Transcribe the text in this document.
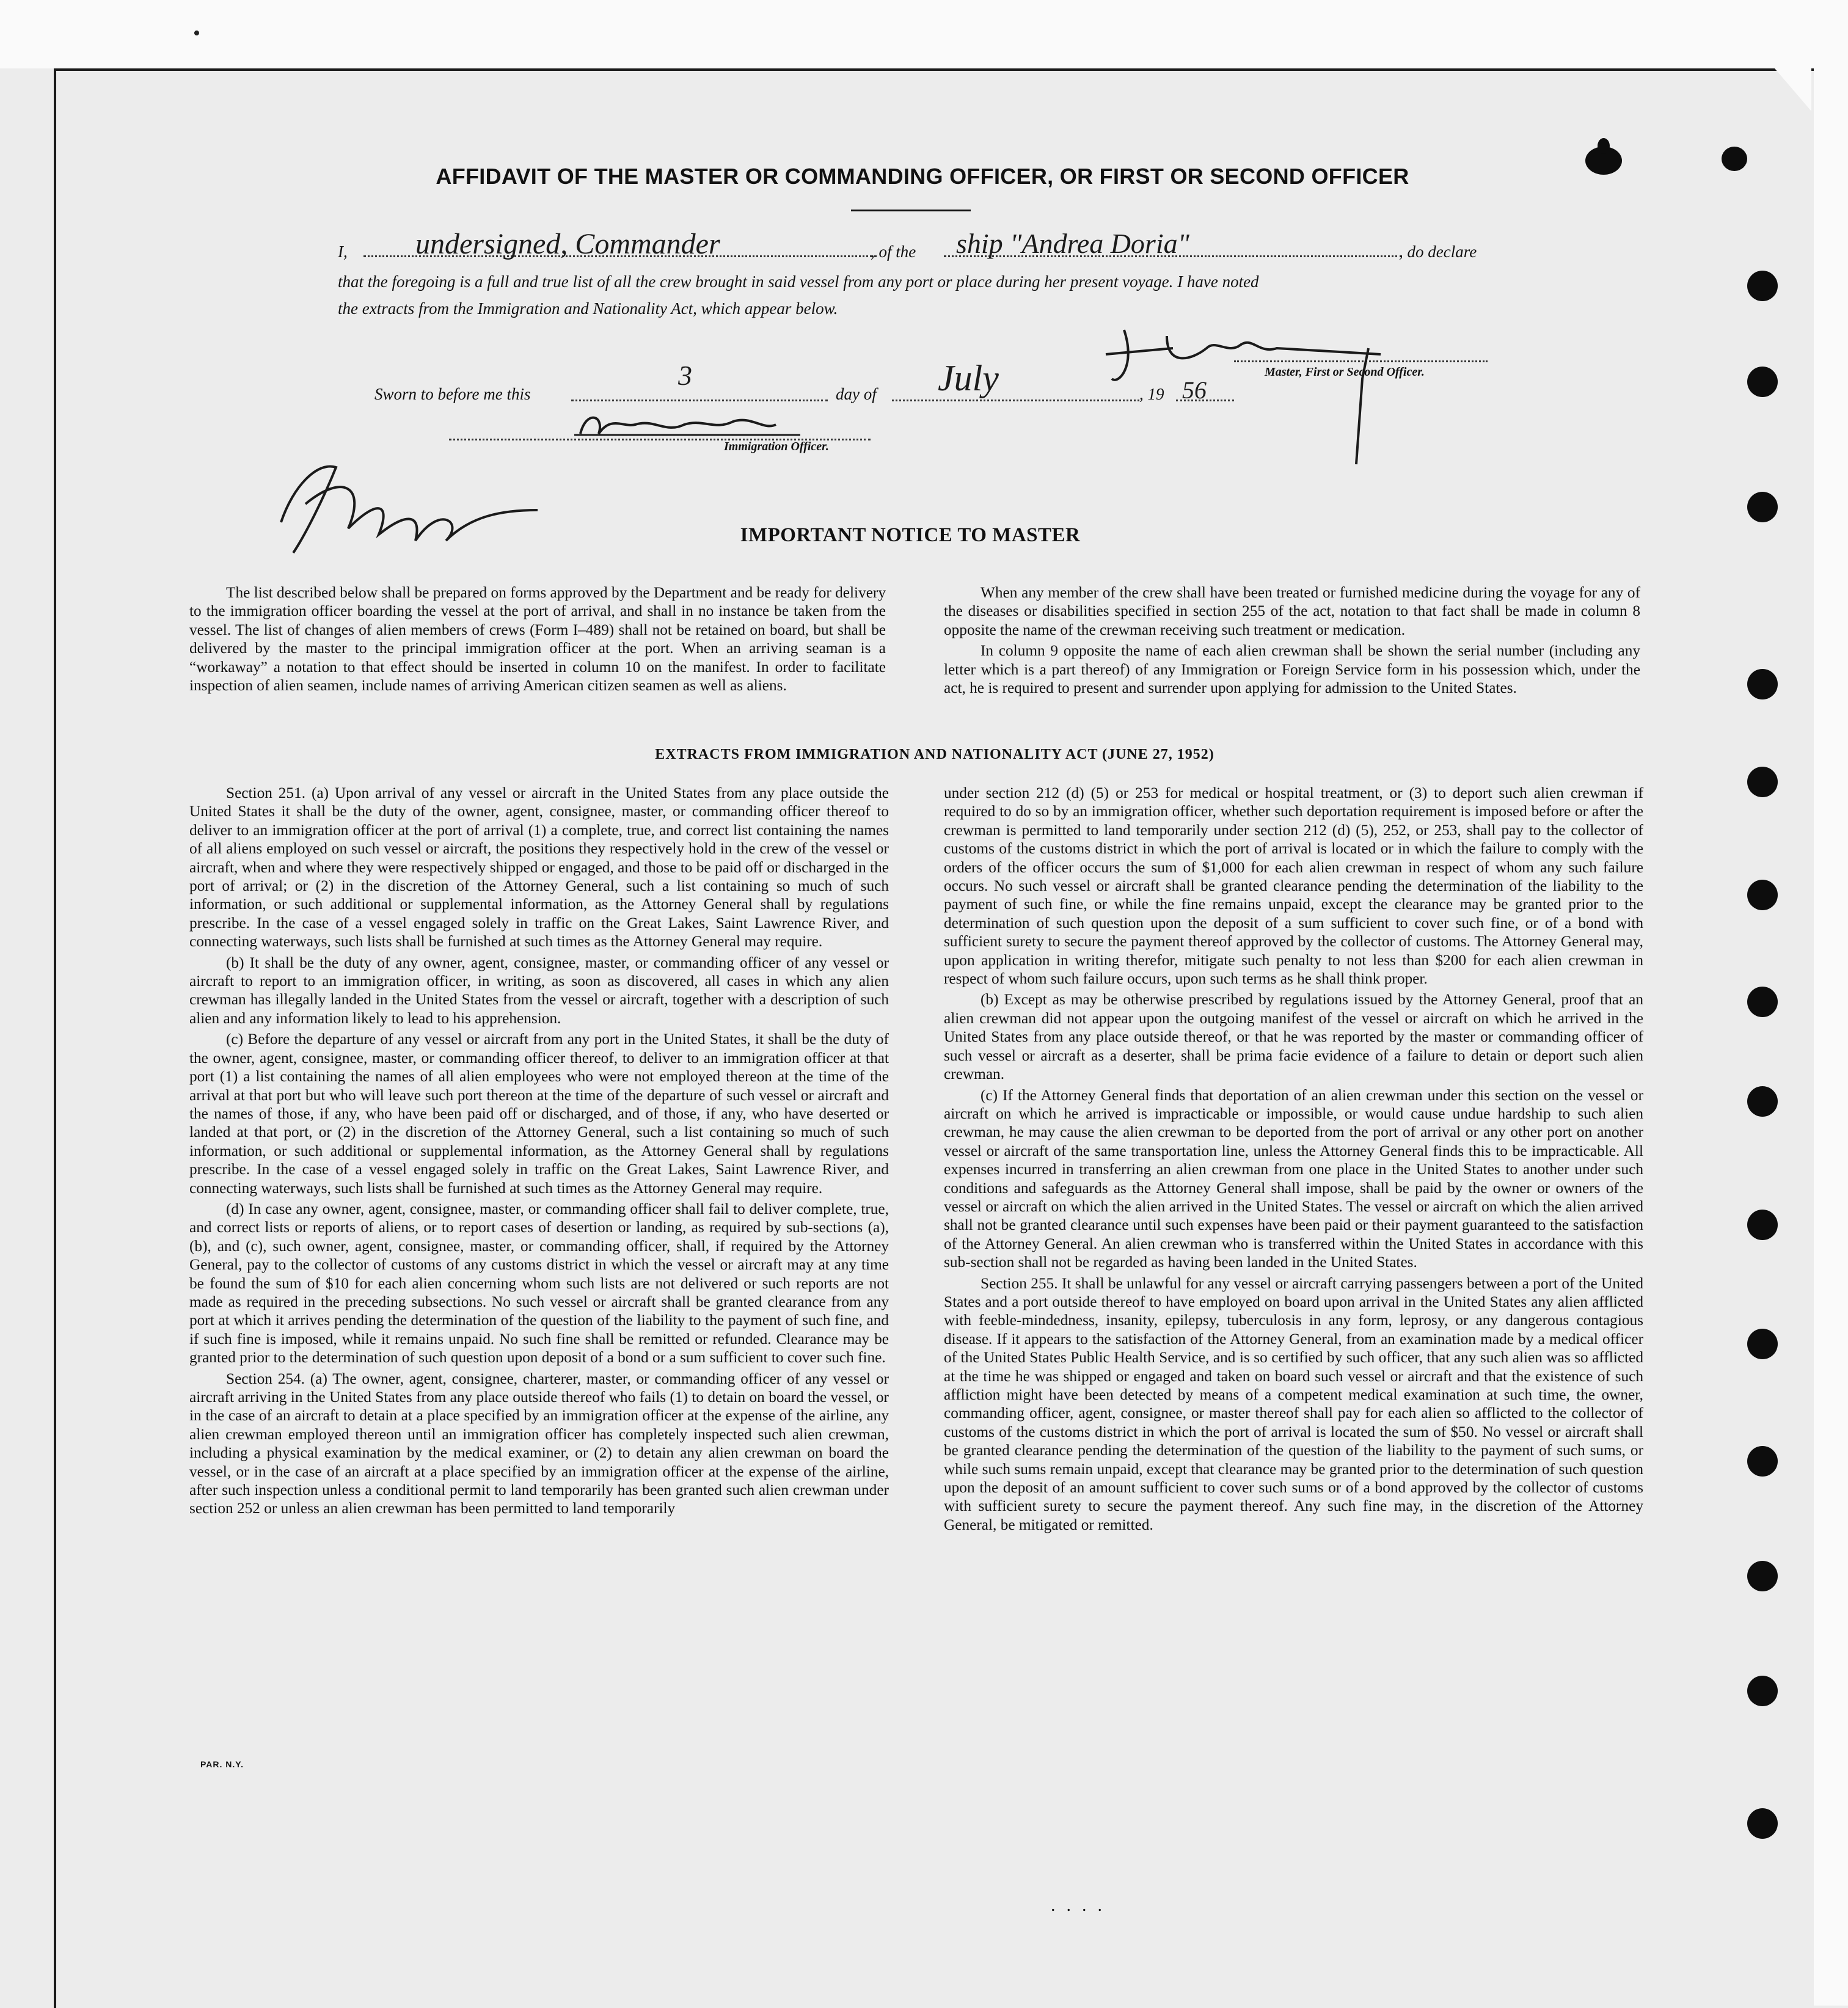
•
AFFIDAVIT OF THE MASTER OR COMMANDING OFFICER, OR FIRST OR SECOND OFFICER
I, undersigned, Commander	, of the ship "Andrea Doria"	, do declare
that the foregoing is a full and true list of all the crew brought in said vessel from any port or place during her present voyage. I have noted
the extracts from the Immigration and Nationality Act, which appear below.
Master, First or Second Officer.
Sworn to before me this
3
day of July	, 19 56
Immigration Officer.
IMPORTANT NOTICE TO MASTER

The list described below shall be prepared on forms approved by the Department and be ready for delivery to the immigration officer boarding the vessel at the port of arrival, and shall in no instance be taken from the vessel. The list of changes of alien members of crews (Form I–489) shall not be retained on board, but shall be delivered by the master to the principal immigration officer at the port. When an arriving seaman is a “workaway” a notation to that effect should be inserted in column 10 on the manifest. In order to facilitate inspection of alien seamen, include names of arriving American citizen seamen as well as aliens.

When any member of the crew shall have been treated or furnished medicine during the voyage for any of the diseases or disabilities specified in section 255 of the act, notation to that fact shall be made in column 8 opposite the name of the crewman receiving such treatment or medication.

In column 9 opposite the name of each alien crewman shall be shown the serial number (including any letter which is a part thereof) of any Immigration or Foreign Service form in his possession which, under the act, he is required to present and surrender upon applying for admission to the United States.

EXTRACTS FROM IMMIGRATION AND NATIONALITY ACT (JUNE 27, 1952)

Section 251. (a) Upon arrival of any vessel or aircraft in the United States from any place outside the United States it shall be the duty of the owner, agent, consignee, master, or commanding officer thereof to deliver to an immigration officer at the port of arrival (1) a complete, true, and correct list containing the names of all aliens employed on such vessel or aircraft, the positions they respectively hold in the crew of the vessel or aircraft, when and where they were respectively shipped or engaged, and those to be paid off or discharged in the port of arrival; or (2) in the discretion of the Attorney General, such a list containing so much of such information, or such additional or supplemental information, as the Attorney General shall by regulations prescribe. In the case of a vessel engaged solely in traffic on the Great Lakes, Saint Lawrence River, and connecting waterways, such lists shall be furnished at such times as the Attorney General may require.

(b) It shall be the duty of any owner, agent, consignee, master, or commanding officer of any vessel or aircraft to report to an immigration officer, in writing, as soon as discovered, all cases in which any alien crewman has illegally landed in the United States from the vessel or aircraft, together with a description of such alien and any information likely to lead to his apprehension.

(c) Before the departure of any vessel or aircraft from any port in the United States, it shall be the duty of the owner, agent, consignee, master, or commanding officer thereof, to deliver to an immigration officer at that port (1) a list containing the names of all alien employees who were not employed thereon at the time of the arrival at that port but who will leave such port thereon at the time of the departure of such vessel or aircraft and the names of those, if any, who have been paid off or discharged, and of those, if any, who have deserted or landed at that port, or (2) in the discretion of the Attorney General, such a list containing so much of such information, or such additional or supplemental information, as the Attorney General shall by regulations prescribe. In the case of a vessel engaged solely in traffic on the Great Lakes, Saint Lawrence River, and connecting waterways, such lists shall be furnished at such times as the Attorney General may require.

(d) In case any owner, agent, consignee, master, or commanding officer shall fail to deliver complete, true, and correct lists or reports of aliens, or to report cases of desertion or landing, as required by sub-sections (a), (b), and (c), such owner, agent, consignee, master, or commanding officer, shall, if required by the Attorney General, pay to the collector of customs of any customs district in which the vessel or aircraft may at any time be found the sum of $10 for each alien concerning whom such lists are not delivered or such reports are not made as required in the preceding subsections. No such vessel or aircraft shall be granted clearance from any port at which it arrives pending the determination of the question of the liability to the payment of such fine, and if such fine is imposed, while it remains unpaid. No such fine shall be remitted or refunded. Clearance may be granted prior to the determination of such question upon deposit of a bond or a sum sufficient to cover such fine.

Section 254. (a) The owner, agent, consignee, charterer, master, or commanding officer of any vessel or aircraft arriving in the United States from any place outside thereof who fails (1) to detain on board the vessel, or in the case of an aircraft to detain at a place specified by an immigration officer at the expense of the airline, any alien crewman employed thereon until an immigration officer has completely inspected such alien crewman, including a physical examination by the medical examiner, or (2) to detain any alien crewman on board the vessel, or in the case of an aircraft at a place specified by an immigration officer at the expense of the airline, after such inspection unless a conditional permit to land temporarily has been granted such alien crewman under section 252 or unless an alien crewman has been permitted to land temporarily

under section 212 (d) (5) or 253 for medical or hospital treatment, or (3) to deport such alien crewman if required to do so by an immigration officer, whether such deportation requirement is imposed before or after the crewman is permitted to land temporarily under section 212 (d) (5), 252, or 253, shall pay to the collector of customs of the customs district in which the port of arrival is located or in which the failure to comply with the orders of the officer occurs the sum of $1,000 for each alien crewman in respect of whom any such failure occurs. No such vessel or aircraft shall be granted clearance pending the determination of the liability to the payment of such fine, or while the fine remains unpaid, except the clearance may be granted prior to the determination of such question upon the deposit of a sum sufficient to cover such fine, or of a bond with sufficient surety to secure the payment thereof approved by the collector of customs. The Attorney General may, upon application in writing therefor, mitigate such penalty to not less than $200 for each alien crewman in respect of whom such failure occurs, upon such terms as he shall think proper.

(b) Except as may be otherwise prescribed by regulations issued by the Attorney General, proof that an alien crewman did not appear upon the outgoing manifest of the vessel or aircraft on which he arrived in the United States from any place outside thereof, or that he was reported by the master or commanding officer of such vessel or aircraft as a deserter, shall be prima facie evidence of a failure to detain or deport such alien crewman.

(c) If the Attorney General finds that deportation of an alien crewman under this section on the vessel or aircraft on which he arrived is impracticable or impossible, or would cause undue hardship to such alien crewman, he may cause the alien crewman to be deported from the port of arrival or any other port on another vessel or aircraft of the same transportation line, unless the Attorney General finds this to be impracticable. All expenses incurred in transferring an alien crewman from one place in the United States to another under such conditions and safeguards as the Attorney General shall impose, shall be paid by the owner or owners of the vessel or aircraft on which the alien arrived in the United States. The vessel or aircraft on which the alien arrived shall not be granted clearance until such expenses have been paid or their payment guaranteed to the satisfaction of the Attorney General. An alien crewman who is transferred within the United States in accordance with this sub-section shall not be regarded as having been landed in the United States.

Section 255. It shall be unlawful for any vessel or aircraft carrying passengers between a port of the United States and a port outside thereof to have employed on board upon arrival in the United States any alien afflicted with feeble-mindedness, insanity, epilepsy, tuberculosis in any form, leprosy, or any dangerous contagious disease. If it appears to the satisfaction of the Attorney General, from an examination made by a medical officer of the United States Public Health Service, and is so certified by such officer, that any such alien was so afflicted at the time he was shipped or engaged and taken on board such vessel or aircraft and that the existence of such affliction might have been detected by means of a competent medical examination at such time, the owner, commanding officer, agent, consignee, or master thereof shall pay for each alien so afflicted to the collector of customs of the customs district in which the port of arrival is located the sum of $50. No vessel or aircraft shall be granted clearance pending the determination of the question of the liability to the payment of such sums, or while such sums remain unpaid, except that clearance may be granted prior to the determination of such question upon the deposit of an amount sufficient to cover such sums or of a bond approved by the collector of customs with sufficient surety to secure the payment thereof. Any such fine may, in the discretion of the Attorney General, be mitigated or remitted.

PAR. N.Y.
....
